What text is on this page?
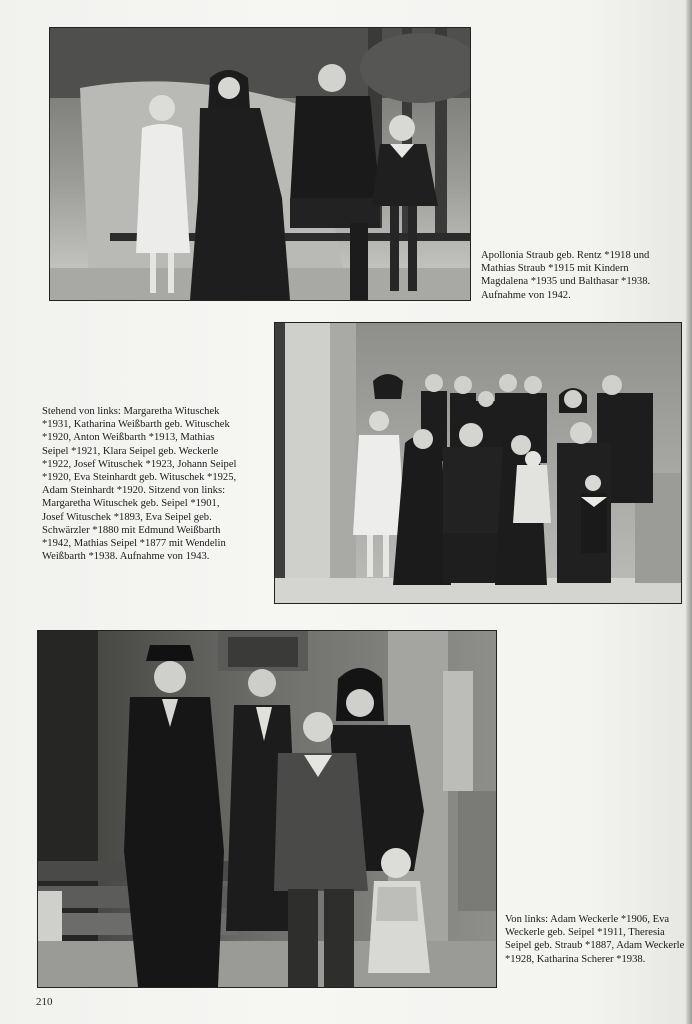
Apollonia Straub geb. Rentz *1918 und Mathias Straub *1915 mit Kindern Magdalena *1935 und Balthasar *1938. Aufnahme von 1942.
Stehend von links: Margaretha Witusсhek *1931, Katharina Weißbarth geb. Witusсhek *1920, Anton Weißbarth *1913, Mathias Seipel *1921, Klara Seipel geb. Weckerle *1922, Josef Witusсhek *1923, Johann Seipel *1920, Eva Steinhardt geb. Witusсhek *1925, Adam Steinhardt *1920. Sitzend von links: Margaretha Witusсhek geb. Seipel *1901, Josef Witusсhek *1893, Eva Seipel geb. Schwärzler *1880 mit Edmund Weißbarth *1942, Mathias Seipel *1877 mit Wendelin Weißbarth *1938. Aufnahme von 1943.
Von links: Adam Weckerle *1906, Eva Weckerle geb. Seipel *1911, Theresia Seipel geb. Straub *1887, Adam Weckerle *1928, Katharina Scherer *1938.
210
